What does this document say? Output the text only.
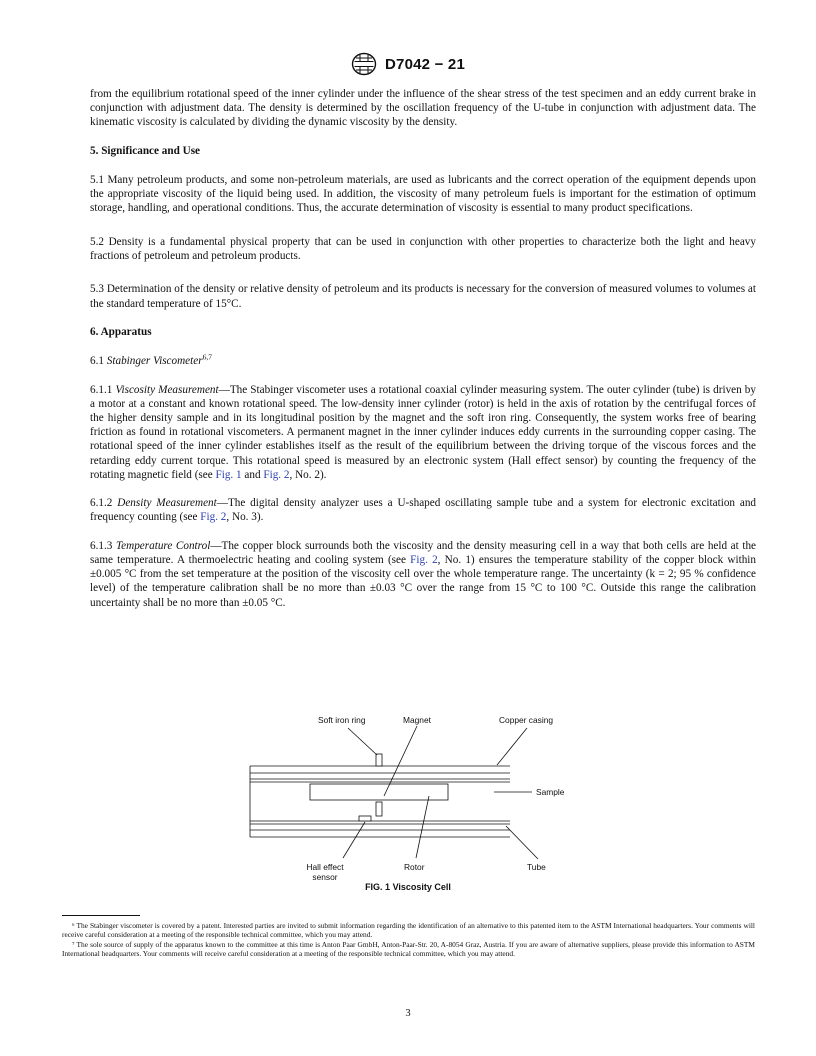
D7042 − 21

from the equilibrium rotational speed of the inner cylinder under the influence of the shear stress of the test specimen and an eddy current brake in conjunction with adjustment data. The density is determined by the oscillation frequency of the U-tube in conjunction with adjustment data. The kinematic viscosity is calculated by dividing the dynamic viscosity by the density.

5. Significance and Use

5.1 Many petroleum products, and some non-petroleum materials, are used as lubricants and the correct operation of the equipment depends upon the appropriate viscosity of the liquid being used. In addition, the viscosity of many petroleum fuels is important for the estimation of optimum storage, handling, and operational conditions. Thus, the accurate determination of viscosity is essential to many product specifications.

5.2 Density is a fundamental physical property that can be used in conjunction with other properties to characterize both the light and heavy fractions of petroleum and petroleum products.

5.3 Determination of the density or relative density of petroleum and its products is necessary for the conversion of measured volumes to volumes at the standard temperature of 15°C.

6. Apparatus

6.1 Stabinger Viscometer$^{6,7}$

6.1.1 Viscosity Measurement—The Stabinger viscometer uses a rotational coaxial cylinder measuring system. The outer cylinder (tube) is driven by a motor at a constant and known rotational speed. The low-density inner cylinder (rotor) is held in the axis of rotation by the centrifugal forces of the higher density sample and in its longitudinal position by the magnet and the soft iron ring. Consequently, the system works free of bearing friction as found in rotational viscometers. A permanent magnet in the inner cylinder induces eddy currents in the surrounding copper casing. The rotational speed of the inner cylinder establishes itself as the result of the equilibrium between the driving torque of the viscous forces and the retarding eddy current torque. This rotational speed is measured by an electronic system (Hall effect sensor) by counting the frequency of the rotating magnetic field (see Fig. 1 and Fig. 2, No. 2).

6.1.2 Density Measurement—The digital density analyzer uses a U-shaped oscillating sample tube and a system for electronic excitation and frequency counting (see Fig. 2, No. 3).

6.1.3 Temperature Control—The copper block surrounds both the viscosity and the density measuring cell in a way that both cells are held at the same temperature. A thermoelectric heating and cooling system (see Fig. 2, No. 1) ensures the temperature stability of the copper block within ±0.005 °C from the set temperature at the position of the viscosity cell over the whole temperature range. The uncertainty (k = 2; 95 % confidence level) of the temperature calibration shall be no more than ±0.03 °C over the range from 15 °C to 100 °C. Outside this range the calibration uncertainty shall be no more than ±0.05 °C.

Soft iron ring	Magnet	Copper casing
Sample
Hall effect
sensor
Rotor	Tube
FIG. 1 Viscosity Cell

⁶ The Stabinger viscometer is covered by a patent. Interested parties are invited to submit information regarding the identification of an alternative to this patented item to the ASTM International headquarters. Your comments will receive careful consideration at a meeting of the responsible technical committee, which you may attend.

⁷ The sole source of supply of the apparatus known to the committee at this time is Anton Paar GmbH, Anton-Paar-Str. 20, A-8054 Graz, Austria. If you are aware of alternative suppliers, please provide this information to ASTM International headquarters. Your comments will receive careful consideration at a meeting of the responsible technical committee, which you may attend.

3
